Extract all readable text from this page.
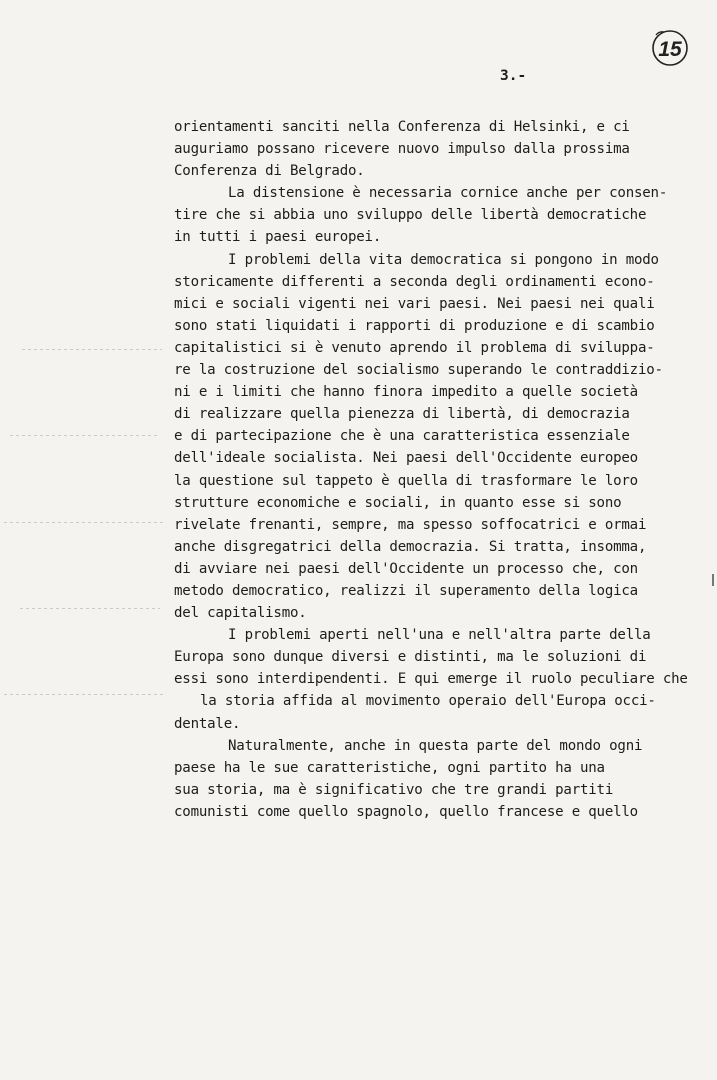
15
3.-
orientamenti sanciti nella Conferenza di Helsinki, e ci
auguriamo possano ricevere nuovo impulso dalla prossima
Conferenza di Belgrado.
La distensione è necessaria cornice anche per consen-
tire che si abbia uno sviluppo delle libertà democratiche
in tutti i paesi europei.
I problemi della vita democratica si pongono in modo
storicamente differenti a seconda degli ordinamenti econo-
mici e sociali vigenti nei vari paesi. Nei paesi nei quali
sono stati liquidati i rapporti di produzione e di scambio
capitalistici si è venuto aprendo il problema di sviluppa-
re la costruzione del socialismo superando le contraddizio-
ni e i limiti che hanno finora impedito a quelle società
di realizzare quella pienezza di libertà, di democrazia
e di partecipazione che è una caratteristica essenziale
dell'ideale socialista. Nei paesi dell'Occidente europeo
la questione sul tappeto è quella di trasformare le loro
strutture economiche e sociali, in quanto esse si sono
rivelate frenanti, sempre, ma spesso soffocatrici e ormai
anche disgregatrici della democrazia. Si tratta, insomma,
di avviare nei paesi dell'Occidente un processo che, con
metodo democratico, realizzi il superamento della logica
del capitalismo.
I problemi aperti nell'una e nell'altra parte della
Europa sono dunque diversi e distinti, ma le soluzioni di
essi sono interdipendenti. E qui emerge il ruolo peculiare che
la storia affida al movimento operaio dell'Europa occi-
dentale.
Naturalmente, anche in questa parte del mondo ogni
paese ha le sue caratteristiche, ogni partito ha una
sua storia, ma è significativo che tre grandi partiti
comunisti come quello spagnolo, quello francese e quello
